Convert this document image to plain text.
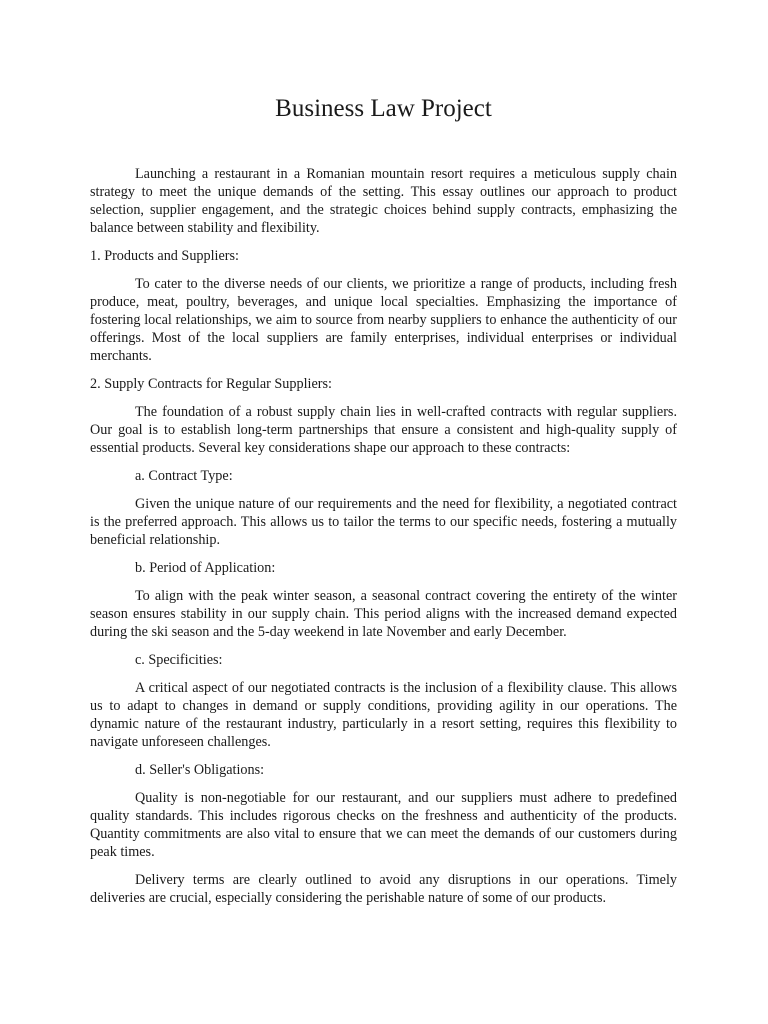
Business Law Project

Launching a restaurant in a Romanian mountain resort requires a meticulous supply chain strategy to meet the unique demands of the setting. This essay outlines our approach to product selection, supplier engagement, and the strategic choices behind supply contracts, emphasizing the balance between stability and flexibility.

1. Products and Suppliers:

To cater to the diverse needs of our clients, we prioritize a range of products, including fresh produce, meat, poultry, beverages, and unique local specialties. Emphasizing the importance of fostering local relationships, we aim to source from nearby suppliers to enhance the authenticity of our offerings. Most of the local suppliers are family enterprises, individual enterprises or individual merchants.

2. Supply Contracts for Regular Suppliers:

The foundation of a robust supply chain lies in well-crafted contracts with regular suppliers. Our goal is to establish long-term partnerships that ensure a consistent and high-quality supply of essential products. Several key considerations shape our approach to these contracts:

a. Contract Type:

Given the unique nature of our requirements and the need for flexibility, a negotiated contract is the preferred approach. This allows us to tailor the terms to our specific needs, fostering a mutually beneficial relationship.

b. Period of Application:

To align with the peak winter season, a seasonal contract covering the entirety of the winter season ensures stability in our supply chain. This period aligns with the increased demand expected during the ski season and the 5-day weekend in late November and early December.

c. Specificities:

A critical aspect of our negotiated contracts is the inclusion of a flexibility clause. This allows us to adapt to changes in demand or supply conditions, providing agility in our operations. The dynamic nature of the restaurant industry, particularly in a resort setting, requires this flexibility to navigate unforeseen challenges.

d. Seller's Obligations:

Quality is non-negotiable for our restaurant, and our suppliers must adhere to predefined quality standards. This includes rigorous checks on the freshness and authenticity of the products. Quantity commitments are also vital to ensure that we can meet the demands of our customers during peak times.

Delivery terms are clearly outlined to avoid any disruptions in our operations. Timely deliveries are crucial, especially considering the perishable nature of some of our products.
